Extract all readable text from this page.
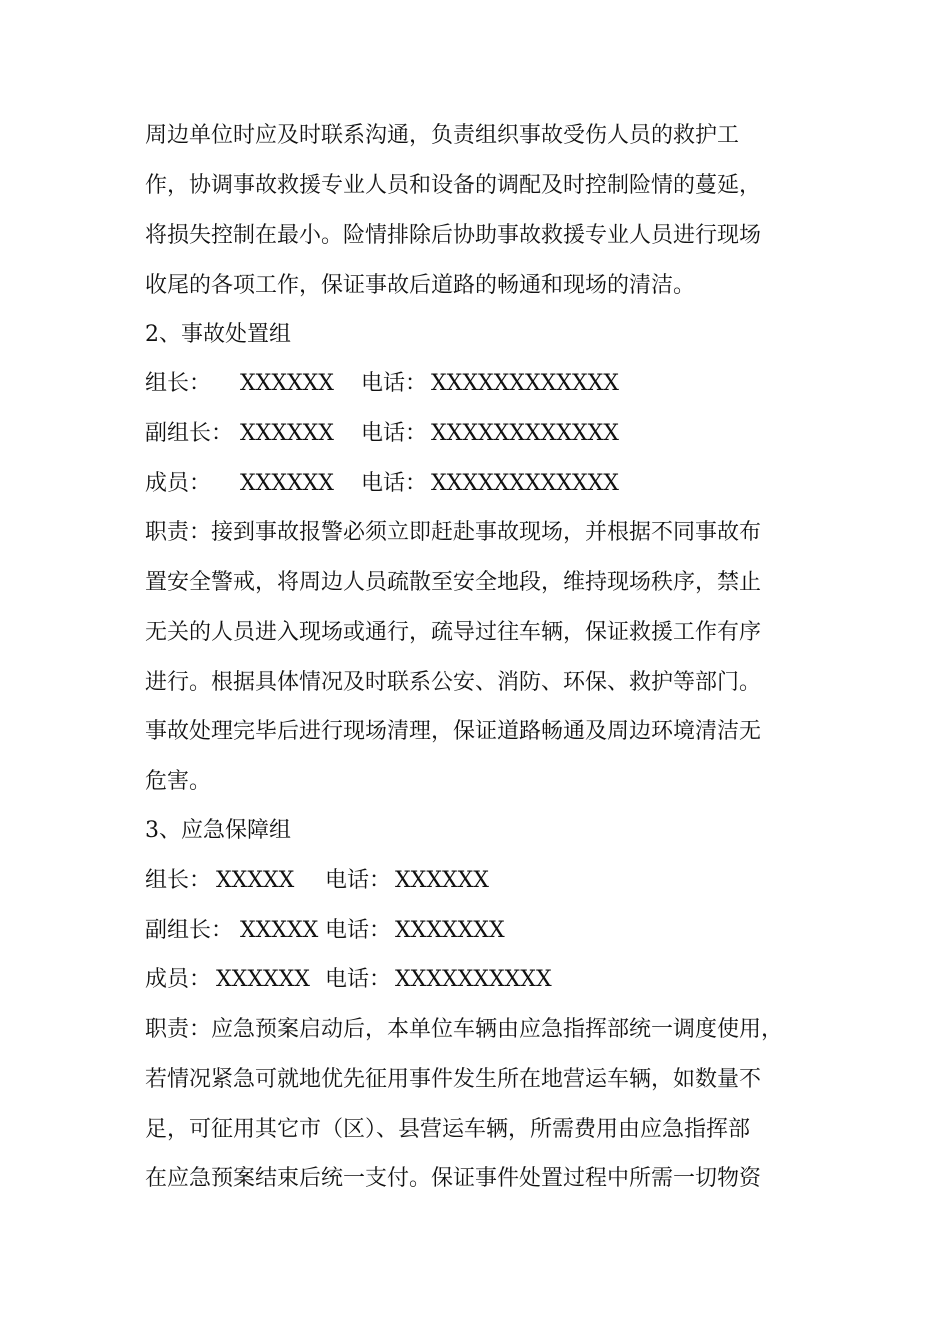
周边单位时应及时联系沟通，负责组织事故受伤人员的救护工
作，协调事故救援专业人员和设备的调配及时控制险情的蔓延，
将损失控制在最小。险情排除后协助事故救援专业人员进行现场
收尾的各项工作，保证事故后道路的畅通和现场的清洁。
2、事故处置组

组长：

XXXXXX

电话：

XXXXXXXXXXXX

副组长：

XXXXXX

电话：

XXXXXXXXXXXX

成员：

XXXXXX

电话：

XXXXXXXXXXXX

职责：接到事故报警必须立即赶赴事故现场，并根据不同事故布
置安全警戒，将周边人员疏散至安全地段，维持现场秩序，禁止
无关的人员进入现场或通行，疏导过往车辆，保证救援工作有序
进行。根据具体情况及时联系公安、消防、环保、救护等部门。
事故处理完毕后进行现场清理，保证道路畅通及周边环境清洁无
危害。
3、应急保障组

组长：

XXXXX

电话：

XXXXXX

副组长：

XXXXX

电话：

XXXXXXX

成员：

XXXXXX

电话：

XXXXXXXXXX

职责：应急预案启动后，本单位车辆由应急指挥部统一调度使用，
若情况紧急可就地优先征用事件发生所在地营运车辆，如数量不
足，可征用其它市（区）、县营运车辆，所需费用由应急指挥部
在应急预案结束后统一支付。保证事件处置过程中所需一切物资
